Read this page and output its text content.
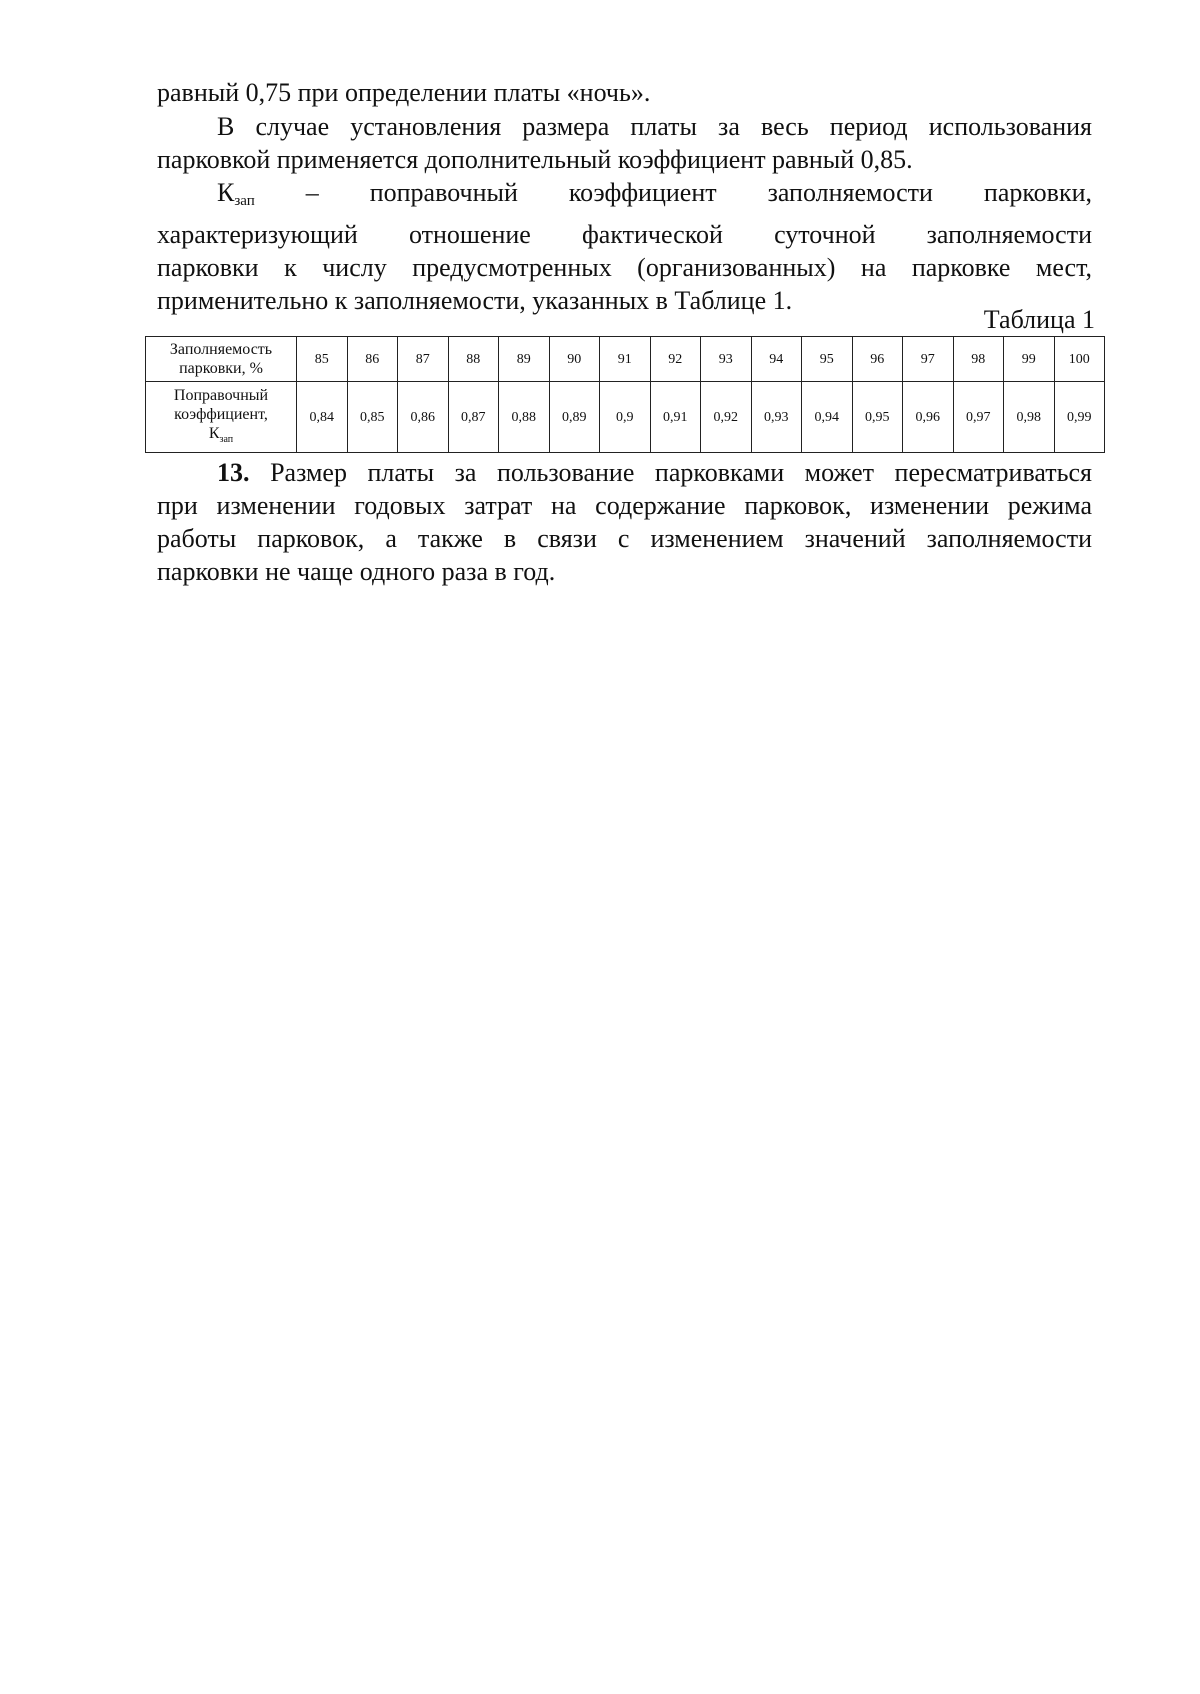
равный 0,75 при определении платы «ночь».

В случае установления размера платы за весь период использования
парковкой применяется дополнительный коэффициент равный 0,85.
$К_{зап}$ – поправочный коэффициент заполняемости парковки,
характеризующий отношение фактической суточной заполняемости
парковки к числу предусмотренных (организованных) на парковке мест,
применительно к заполняемости, указанных в Таблице 1.
Таблица 1
Заполняемость
парковки, %	85	86	87	88	89	90	91	92	93	94	95	96	97	98	99	100

Поправочный
коэффициент,
$К_{зап}$	0,84	0,85	0,86	0,87	0,88	0,89	0,9	0,91	0,92	0,93	0,94	0,95	0,96	0,97	0,98	0,99
13. Размер платы за пользование парковками может пересматриваться
при изменении годовых затрат на содержание парковок, изменении режима
работы парковок, а также в связи с изменением значений заполняемости
парковки не чаще одного раза в год.
